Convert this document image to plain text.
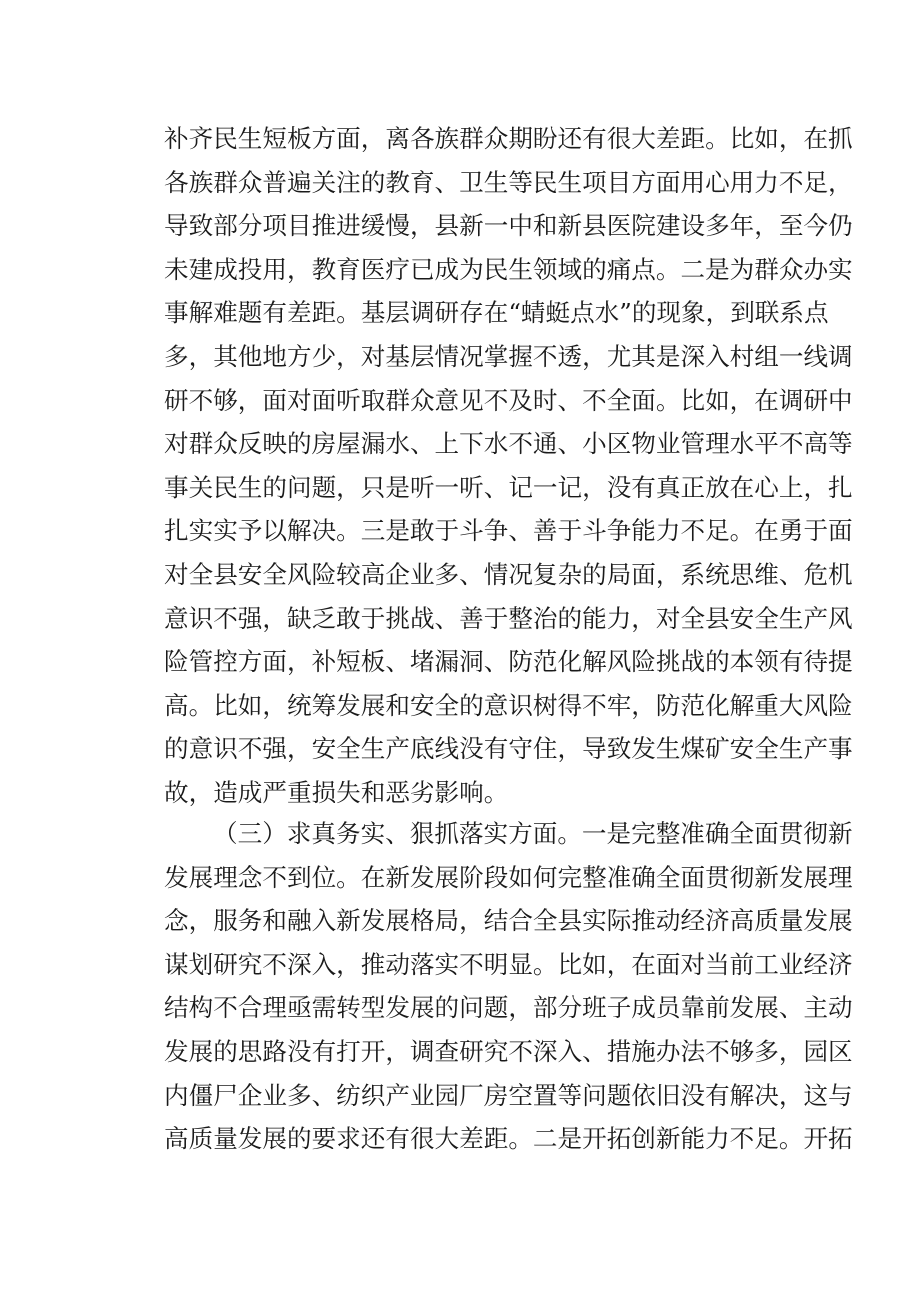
补齐民生短板方面，离各族群众期盼还有很大差距。比如，在抓
各族群众普遍关注的教育、卫生等民生项目方面用心用力不足，
导致部分项目推进缓慢，县新一中和新县医院建设多年，至今仍
未建成投用，教育医疗已成为民生领域的痛点。二是为群众办实
事解难题有差距。基层调研存在“蜻蜓点水”的现象，到联系点
多，其他地方少，对基层情况掌握不透，尤其是深入村组一线调
研不够，面对面听取群众意见不及时、不全面。比如，在调研中
对群众反映的房屋漏水、上下水不通、小区物业管理水平不高等
事关民生的问题，只是听一听、记一记，没有真正放在心上，扎
扎实实予以解决。三是敢于斗争、善于斗争能力不足。在勇于面
对全县安全风险较高企业多、情况复杂的局面，系统思维、危机
意识不强，缺乏敢于挑战、善于整治的能力，对全县安全生产风
险管控方面，补短板、堵漏洞、防范化解风险挑战的本领有待提
高。比如，统筹发展和安全的意识树得不牢，防范化解重大风险
的意识不强，安全生产底线没有守住，导致发生煤矿安全生产事
故，造成严重损失和恶劣影响。
（三）求真务实、狠抓落实方面。一是完整准确全面贯彻新
发展理念不到位。在新发展阶段如何完整准确全面贯彻新发展理
念，服务和融入新发展格局，结合全县实际推动经济高质量发展
谋划研究不深入，推动落实不明显。比如，在面对当前工业经济
结构不合理亟需转型发展的问题，部分班子成员靠前发展、主动
发展的思路没有打开，调查研究不深入、措施办法不够多，园区
内僵尸企业多、纺织产业园厂房空置等问题依旧没有解决，这与
高质量发展的要求还有很大差距。二是开拓创新能力不足。开拓
